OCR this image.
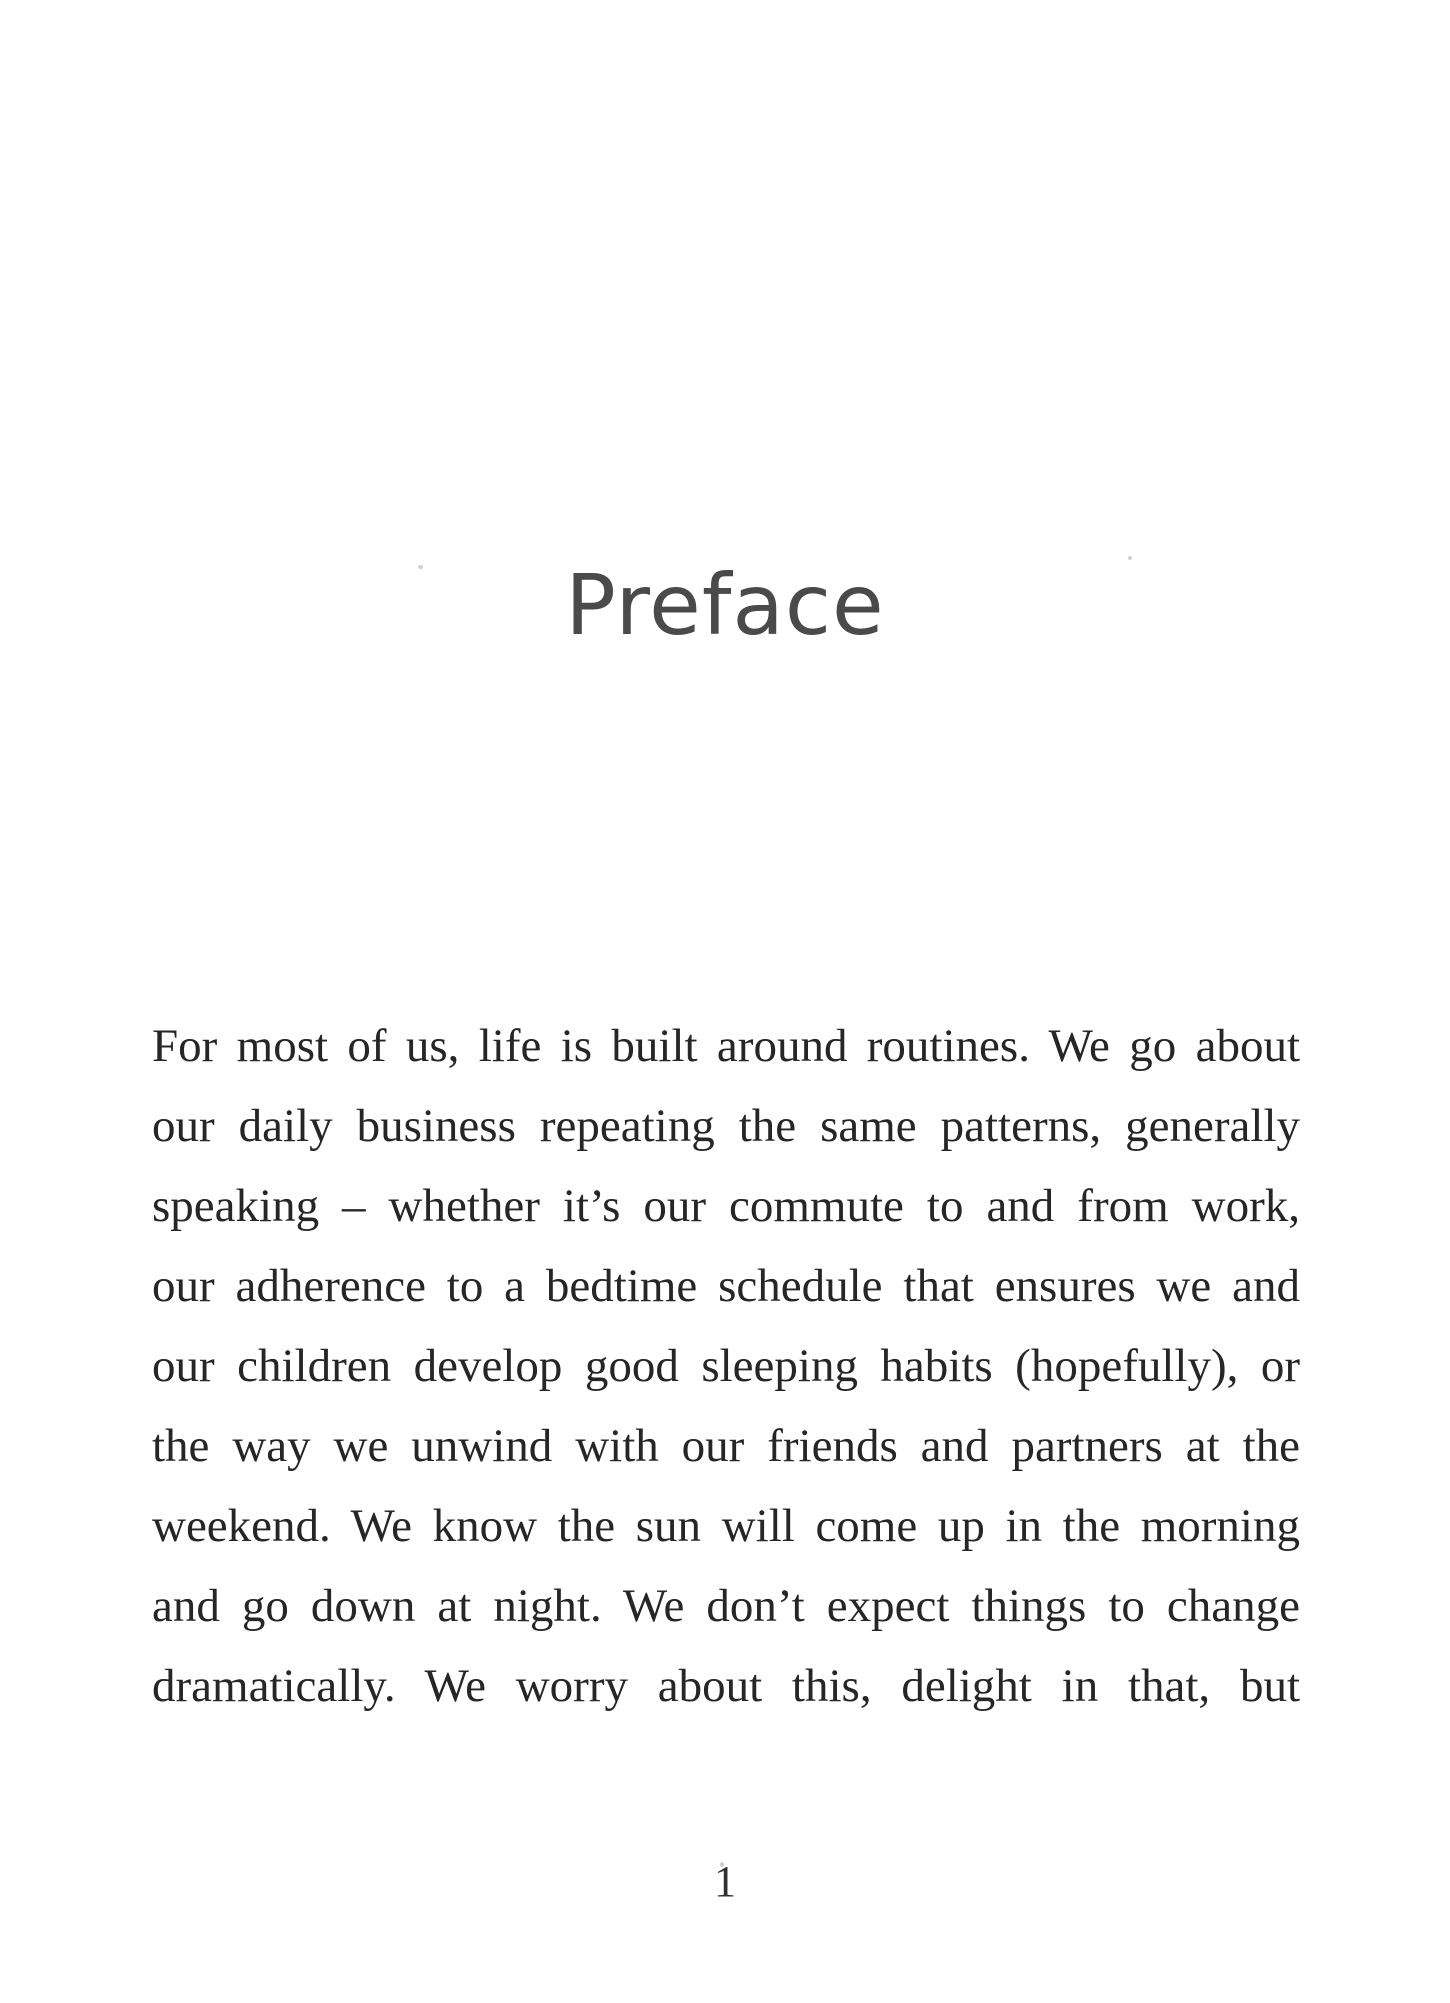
Preface
For most of us, life is built around routines. We go about
our daily business repeating the same patterns, generally
speaking – whether it’s our commute to and from work,
our adherence to a bedtime schedule that ensures we and
our children develop good sleeping habits (hopefully), or
the way we unwind with our friends and partners at the
weekend. We know the sun will come up in the morning
and go down at night. We don’t expect things to change
dramatically. We worry about this, delight in that, but
1
